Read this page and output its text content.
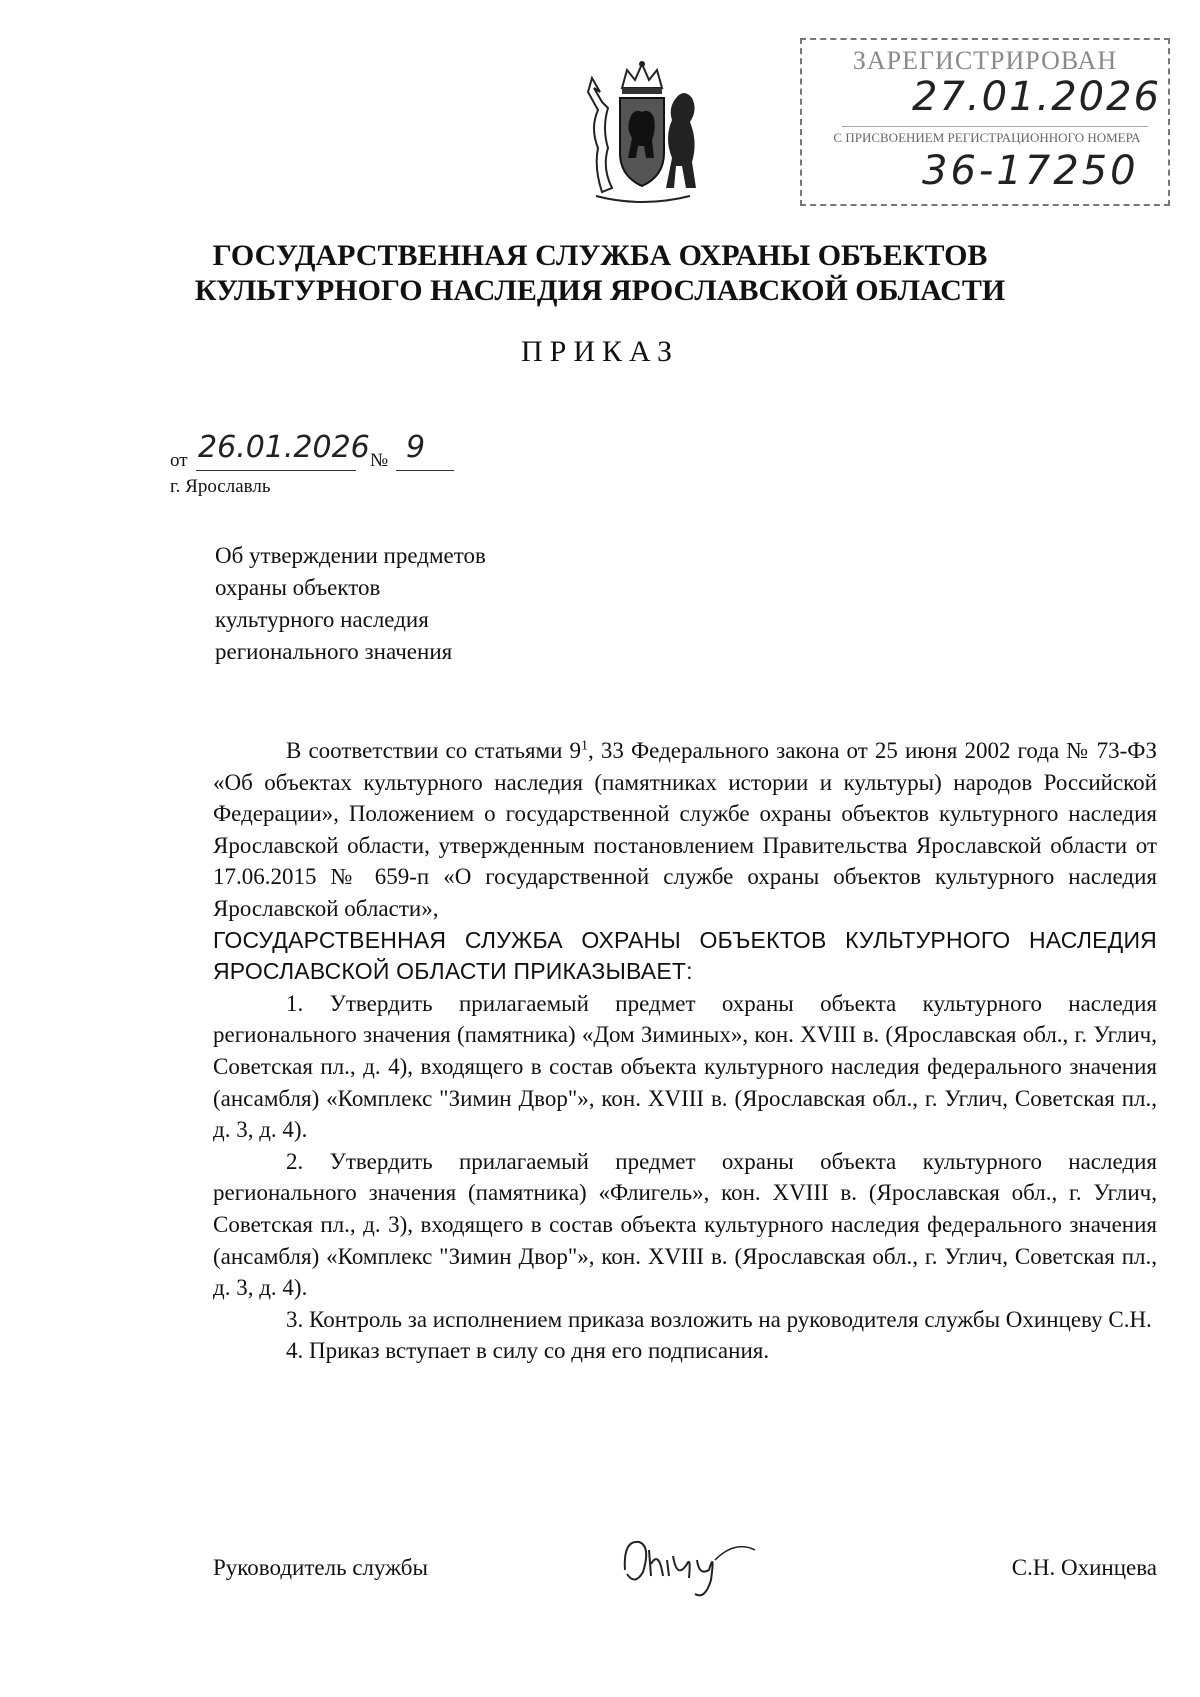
ЗАРЕГИСТРИРОВАН
27.01.2026
С ПРИСВОЕНИЕМ РЕГИСТРАЦИОННОГО НОМЕРА
36-17250
ГОСУДАРСТВЕННАЯ СЛУЖБА ОХРАНЫ ОБЪЕКТОВ
КУЛЬТУРНОГО НАСЛЕДИЯ ЯРОСЛАВСКОЙ ОБЛАСТИ
ПРИКАЗ
от 26.01.2026 № 9
г. Ярославль
Об утверждении предметов
охраны объектов
культурного наследия
регионального значения

В соответствии со статьями $9^1$, 33 Федерального закона от 25 июня 2002 года № 73-ФЗ «Об объектах культурного наследия (памятниках истории и культуры) народов Российской Федерации», Положением о государственной службе охраны объектов культурного наследия Ярославской области, утвержденным постановлением Правительства Ярославской области от 17.06.2015 № 659-п «О государственной службе охраны объектов культурного наследия Ярославской области»,

ГОСУДАРСТВЕННАЯ СЛУЖБА ОХРАНЫ ОБЪЕКТОВ КУЛЬТУРНОГО НАСЛЕДИЯ ЯРОСЛАВСКОЙ ОБЛАСТИ ПРИКАЗЫВАЕТ:

1. Утвердить прилагаемый предмет охраны объекта культурного наследия регионального значения (памятника) «Дом Зиминых», кон. XVIII в. (Ярославская обл., г. Углич, Советская пл., д. 4), входящего в состав объекта культурного наследия федерального значения (ансамбля) «Комплекс "Зимин Двор"», кон. XVIII в. (Ярославская обл., г. Углич, Советская пл., д. 3, д. 4).

2. Утвердить прилагаемый предмет охраны объекта культурного наследия регионального значения (памятника) «Флигель», кон. XVIII в. (Ярославская обл., г. Углич, Советская пл., д. 3), входящего в состав объекта культурного наследия федерального значения (ансамбля) «Комплекс "Зимин Двор"», кон. XVIII в. (Ярославская обл., г. Углич, Советская пл., д. 3, д. 4).

3. Контроль за исполнением приказа возложить на руководителя службы Охинцеву С.Н.

4. Приказ вступает в силу со дня его подписания.

Руководитель службы	С.Н. Охинцева
